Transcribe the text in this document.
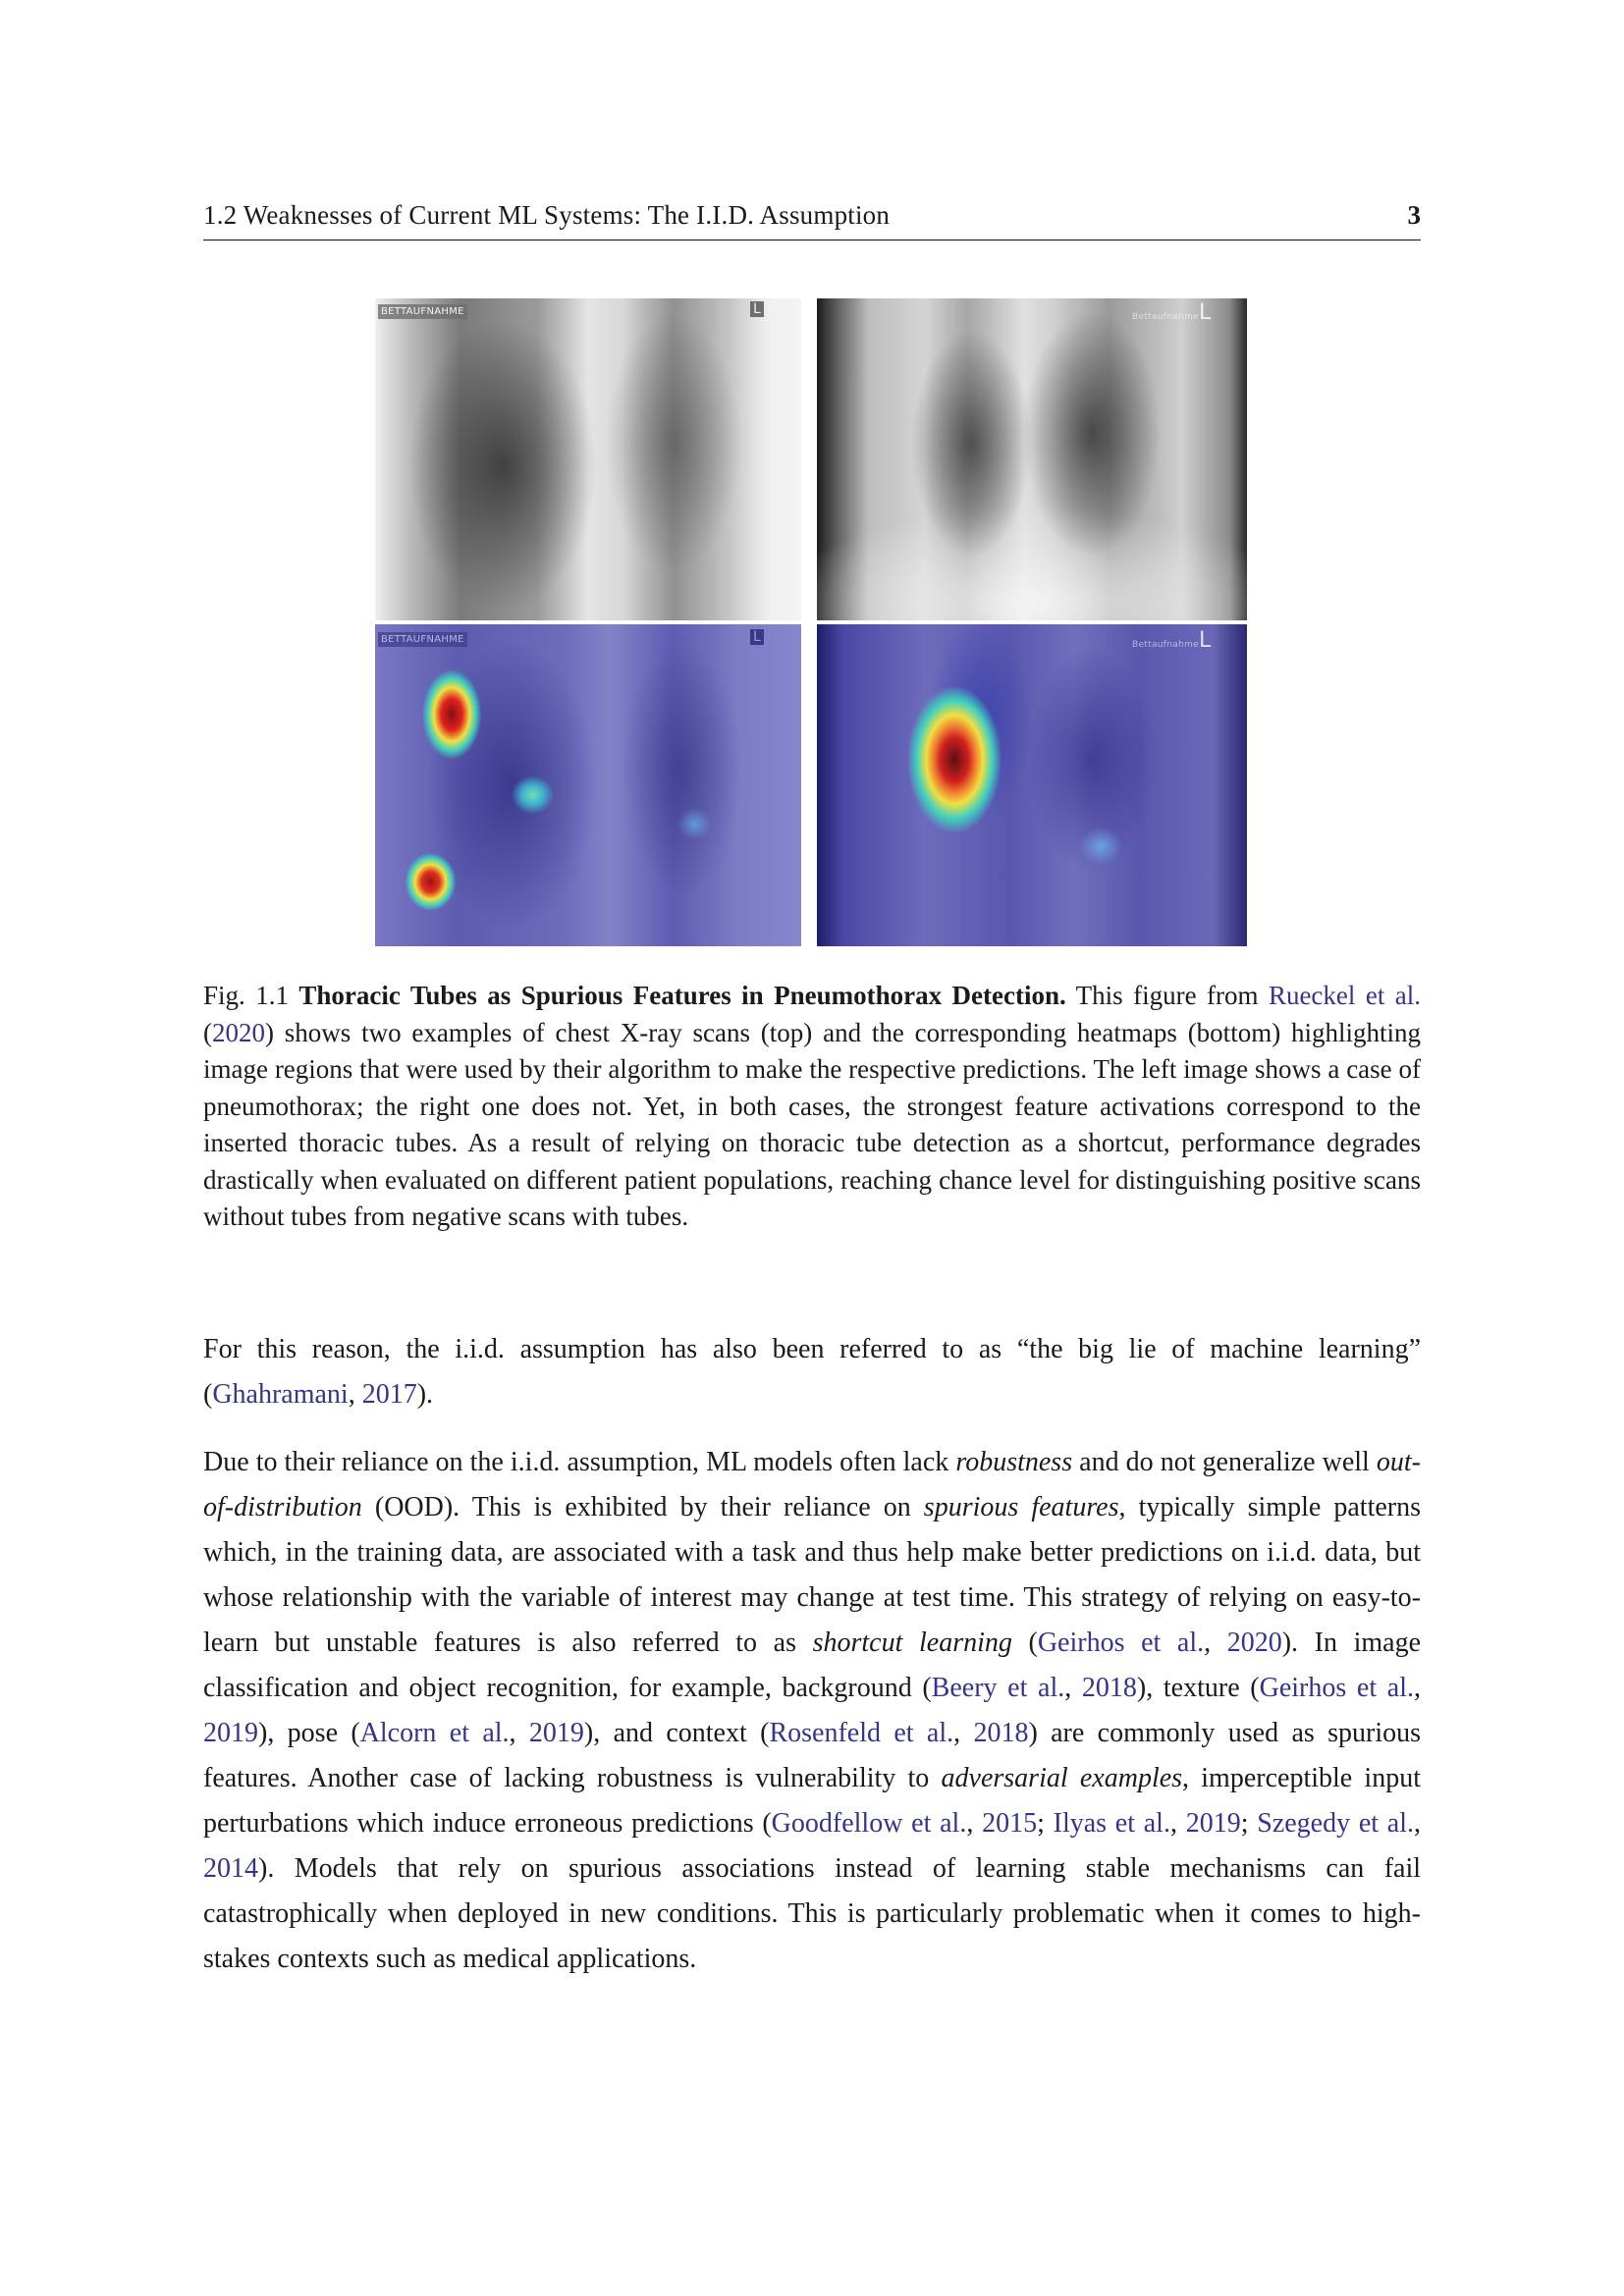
1.2 Weaknesses of Current ML Systems: The I.I.D. Assumption	3
BETTAUFNAHME	L	Bettaufnahme L
BETTAUFNAHME	L	Bettaufnahme L
Fig. 1.1 Thoracic Tubes as Spurious Features in Pneumothorax Detection. This figure from Rueckel et al. (2020) shows two examples of chest X-ray scans (top) and the corresponding heatmaps (bottom) highlighting image regions that were used by their algorithm to make the respective predictions. The left image shows a case of pneumothorax; the right one does not. Yet, in both cases, the strongest feature activations correspond to the inserted thoracic tubes. As a result of relying on thoracic tube detection as a shortcut, performance degrades drastically when evaluated on different patient populations, reaching chance level for distinguishing positive scans without tubes from negative scans with tubes.
For this reason, the i.i.d. assumption has also been referred to as “the big lie of machine learning” (Ghahramani, 2017).
Due to their reliance on the i.i.d. assumption, ML models often lack robustness and do not generalize well out-of-distribution (OOD). This is exhibited by their reliance on spurious features, typically simple patterns which, in the training data, are associated with a task and thus help make better predictions on i.i.d. data, but whose relationship with the variable of interest may change at test time. This strategy of relying on easy-to-learn but unstable features is also referred to as shortcut learning (Geirhos et al., 2020). In image classification and object recognition, for example, background (Beery et al., 2018), texture (Geirhos et al., 2019), pose (Alcorn et al., 2019), and context (Rosenfeld et al., 2018) are commonly used as spurious features. Another case of lacking robustness is vulnerability to adversarial examples, imperceptible input perturbations which induce erroneous predictions (Goodfellow et al., 2015; Ilyas et al., 2019; Szegedy et al., 2014). Models that rely on spurious associations instead of learning stable mechanisms can fail catastrophically when deployed in new conditions. This is particularly problematic when it comes to high-stakes contexts such as medical applications.
